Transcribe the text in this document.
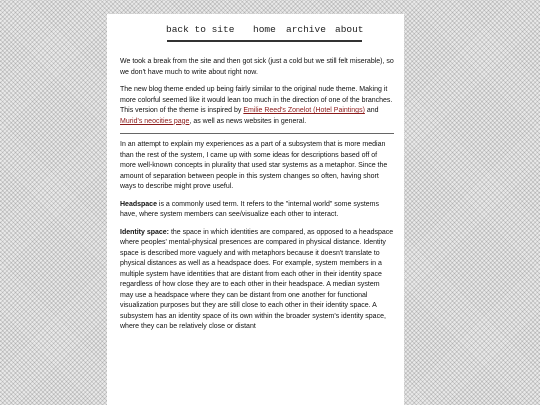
back to site home archive about

We took a break from the site and then got sick (just a cold but we still felt miserable), so we don't have much to write about right now.

The new blog theme ended up being fairly similar to the original nude theme. Making it more colorful seemed like it would lean too much in the direction of one of the branches. This version of the theme is inspired by Emilie Reed's Zonelot (Hotel Paintings) and Murid's neocities page, as well as news websites in general.

In an attempt to explain my experiences as a part of a subsystem that is more median than the rest of the system, I came up with some ideas for descriptions based off of more well-known concepts in plurality that used star systems as a metaphor. Since the amount of separation between people in this system changes so often, having short ways to describe might prove useful.

Headspace is a commonly used term. It refers to the "internal world" some systems have, where system members can see/visualize each other to interact.

Identity space: the space in which identities are compared, as opposed to a headspace where peoples' mental-physical presences are compared in physical distance. Identity space is described more vaguely and with metaphors because it doesn't translate to physical distances as well as a headspace does. For example, system members in a multiple system have identities that are distant from each other in their identity space regardless of how close they are to each other in their headspace. A median system may use a headspace where they can be distant from one another for functional visualization purposes but they are still close to each other in their identity space. A subsystem has an identity space of its own within the broader system's identity space, where they can be relatively close or distant
